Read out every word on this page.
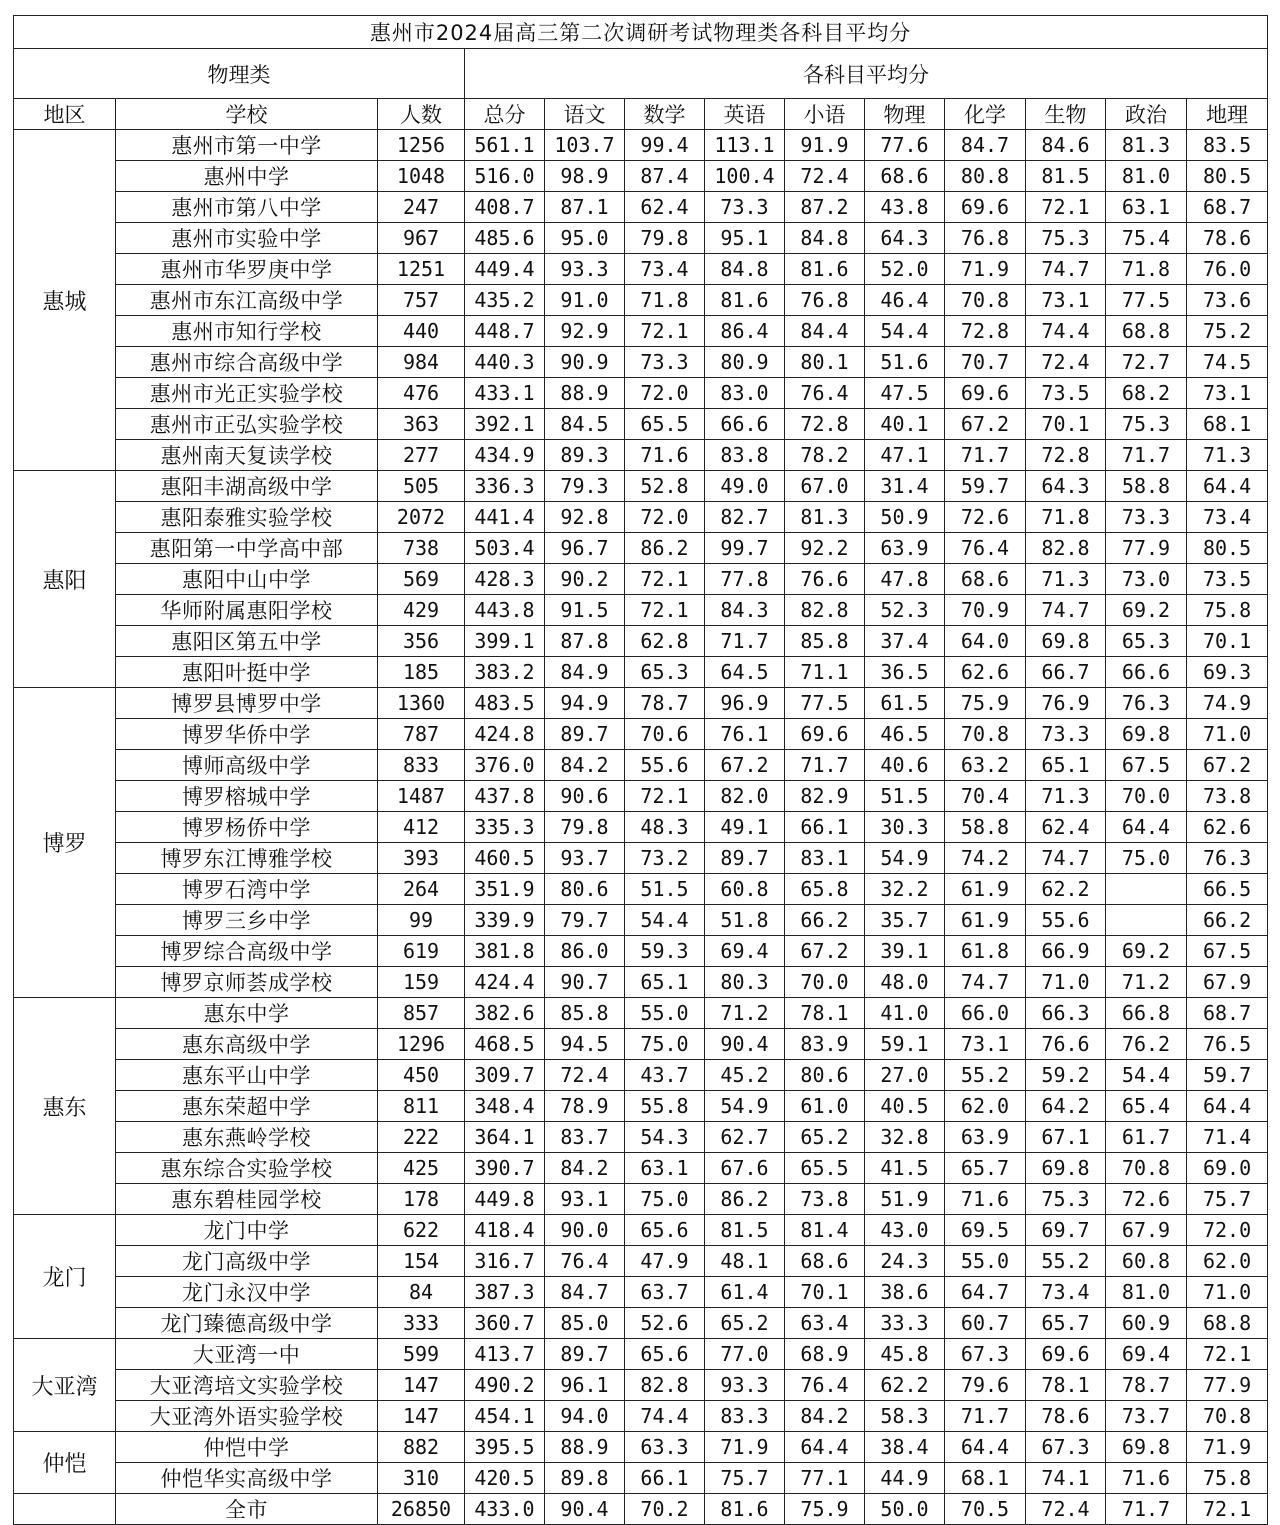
惠州市2024届高三第二次调研考试物理类各科目平均分												
物理类			各科目平均分									
地区	学校	人数	总分	语文	数学	英语	小语	物理	化学	生物	政治	地理
惠城	惠州市第一中学	1256	561.1	103.7	99.4	113.1	91.9	77.6	84.7	84.6	81.3	83.5
	惠州中学	1048	516.0	98.9	87.4	100.4	72.4	68.6	80.8	81.5	81.0	80.5
	惠州市第八中学	247	408.7	87.1	62.4	73.3	87.2	43.8	69.6	72.1	63.1	68.7
	惠州市实验中学	967	485.6	95.0	79.8	95.1	84.8	64.3	76.8	75.3	75.4	78.6
	惠州市华罗庚中学	1251	449.4	93.3	73.4	84.8	81.6	52.0	71.9	74.7	71.8	76.0
	惠州市东江高级中学	757	435.2	91.0	71.8	81.6	76.8	46.4	70.8	73.1	77.5	73.6
	惠州市知行学校	440	448.7	92.9	72.1	86.4	84.4	54.4	72.8	74.4	68.8	75.2
	惠州市综合高级中学	984	440.3	90.9	73.3	80.9	80.1	51.6	70.7	72.4	72.7	74.5
	惠州市光正实验学校	476	433.1	88.9	72.0	83.0	76.4	47.5	69.6	73.5	68.2	73.1
	惠州市正弘实验学校	363	392.1	84.5	65.5	66.6	72.8	40.1	67.2	70.1	75.3	68.1
	惠州南天复读学校	277	434.9	89.3	71.6	83.8	78.2	47.1	71.7	72.8	71.7	71.3
惠阳	惠阳丰湖高级中学	505	336.3	79.3	52.8	49.0	67.0	31.4	59.7	64.3	58.8	64.4
	惠阳泰雅实验学校	2072	441.4	92.8	72.0	82.7	81.3	50.9	72.6	71.8	73.3	73.4
	惠阳第一中学高中部	738	503.4	96.7	86.2	99.7	92.2	63.9	76.4	82.8	77.9	80.5
	惠阳中山中学	569	428.3	90.2	72.1	77.8	76.6	47.8	68.6	71.3	73.0	73.5
	华师附属惠阳学校	429	443.8	91.5	72.1	84.3	82.8	52.3	70.9	74.7	69.2	75.8
	惠阳区第五中学	356	399.1	87.8	62.8	71.7	85.8	37.4	64.0	69.8	65.3	70.1
	惠阳叶挺中学	185	383.2	84.9	65.3	64.5	71.1	36.5	62.6	66.7	66.6	69.3
博罗	博罗县博罗中学	1360	483.5	94.9	78.7	96.9	77.5	61.5	75.9	76.9	76.3	74.9
	博罗华侨中学	787	424.8	89.7	70.6	76.1	69.6	46.5	70.8	73.3	69.8	71.0
	博师高级中学	833	376.0	84.2	55.6	67.2	71.7	40.6	63.2	65.1	67.5	67.2
	博罗榕城中学	1487	437.8	90.6	72.1	82.0	82.9	51.5	70.4	71.3	70.0	73.8
	博罗杨侨中学	412	335.3	79.8	48.3	49.1	66.1	30.3	58.8	62.4	64.4	62.6
	博罗东江博雅学校	393	460.5	93.7	73.2	89.7	83.1	54.9	74.2	74.7	75.0	76.3
	博罗石湾中学	264	351.9	80.6	51.5	60.8	65.8	32.2	61.9	62.2		66.5
	博罗三乡中学	99	339.9	79.7	54.4	51.8	66.2	35.7	61.9	55.6		66.2
	博罗综合高级中学	619	381.8	86.0	59.3	69.4	67.2	39.1	61.8	66.9	69.2	67.5
	博罗京师荟成学校	159	424.4	90.7	65.1	80.3	70.0	48.0	74.7	71.0	71.2	67.9
惠东	惠东中学	857	382.6	85.8	55.0	71.2	78.1	41.0	66.0	66.3	66.8	68.7
	惠东高级中学	1296	468.5	94.5	75.0	90.4	83.9	59.1	73.1	76.6	76.2	76.5
	惠东平山中学	450	309.7	72.4	43.7	45.2	80.6	27.0	55.2	59.2	54.4	59.7
	惠东荣超中学	811	348.4	78.9	55.8	54.9	61.0	40.5	62.0	64.2	65.4	64.4
	惠东燕岭学校	222	364.1	83.7	54.3	62.7	65.2	32.8	63.9	67.1	61.7	71.4
	惠东综合实验学校	425	390.7	84.2	63.1	67.6	65.5	41.5	65.7	69.8	70.8	69.0
	惠东碧桂园学校	178	449.8	93.1	75.0	86.2	73.8	51.9	71.6	75.3	72.6	75.7
龙门	龙门中学	622	418.4	90.0	65.6	81.5	81.4	43.0	69.5	69.7	67.9	72.0
	龙门高级中学	154	316.7	76.4	47.9	48.1	68.6	24.3	55.0	55.2	60.8	62.0
	龙门永汉中学	84	387.3	84.7	63.7	61.4	70.1	38.6	64.7	73.4	81.0	71.0
	龙门臻德高级中学	333	360.7	85.0	52.6	65.2	63.4	33.3	60.7	65.7	60.9	68.8
大亚湾	大亚湾一中	599	413.7	89.7	65.6	77.0	68.9	45.8	67.3	69.6	69.4	72.1
	大亚湾培文实验学校	147	490.2	96.1	82.8	93.3	76.4	62.2	79.6	78.1	78.7	77.9
	大亚湾外语实验学校	147	454.1	94.0	74.4	83.3	84.2	58.3	71.7	78.6	73.7	70.8
仲恺	仲恺中学	882	395.5	88.9	63.3	71.9	64.4	38.4	64.4	67.3	69.8	71.9
	仲恺华实高级中学	310	420.5	89.8	66.1	75.7	77.1	44.9	68.1	74.1	71.6	75.8
	全市	26850	433.0	90.4	70.2	81.6	75.9	50.0	70.5	72.4	71.7	72.1
